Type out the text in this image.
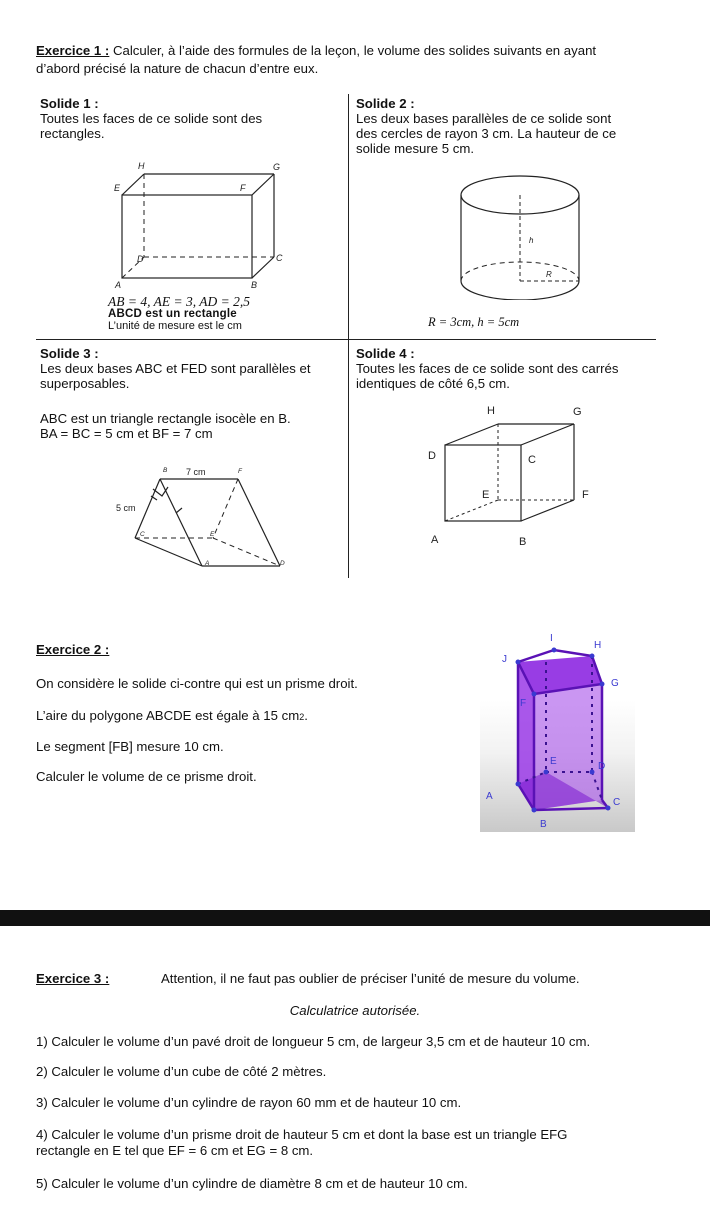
Exercice 1 : Calculer, à l’aide des formules de la leçon, le volume des solides suivants en ayant
d’abord précisé la nature de chacun d’entre eux.
Solide 1 :
Toutes les faces de ce solide sont des
rectangles.
H	G
E	F
D	C
A	B
AB = 4, AE = 3, AD = 2,5
ABCD est un rectangle
L’unité de mesure est le cm
Solide 2 :
Les deux bases parallèles de ce solide sont
des cercles de rayon 3 cm. La hauteur de ce
solide mesure 5 cm.
h
R
R = 3cm, h = 5cm
Solide 3 :
Les deux bases ABC et FED sont parallèles et
superposables.
ABC est un triangle rectangle isocèle en B.
BA = BC = 5 cm et BF = 7 cm
B	F
C	E
A	D
7 cm
5 cm
Solide 4 :
Toutes les faces de ce solide sont des carrés
identiques de côté 6,5 cm.
H	G
D	C
E	F
A	B
Exercice 2 :
On considère le solide ci-contre qui est un prisme droit.
L’aire du polygone ABCDE est égale à 15 cm2.
Le segment [FB] mesure 10 cm.
Calculer le volume de ce prisme droit.
I
H
J
G
F
E	D
A
C
B
Exercice 3 :	Attention, il ne faut pas oublier de préciser l’unité de mesure du volume.
Calculatrice autorisée.
1) Calculer le volume d’un pavé droit de longueur 5 cm, de largeur 3,5 cm et de hauteur 10 cm.
2) Calculer le volume d’un cube de côté 2 mètres.
3) Calculer le volume d’un cylindre de rayon 60 mm et de hauteur 10 cm.
4) Calculer le volume d’un prisme droit de hauteur 5 cm et dont la base est un triangle EFG
rectangle en E tel que EF = 6 cm et EG = 8 cm.
5) Calculer le volume d’un cylindre de diamètre 8 cm et de hauteur 10 cm.
